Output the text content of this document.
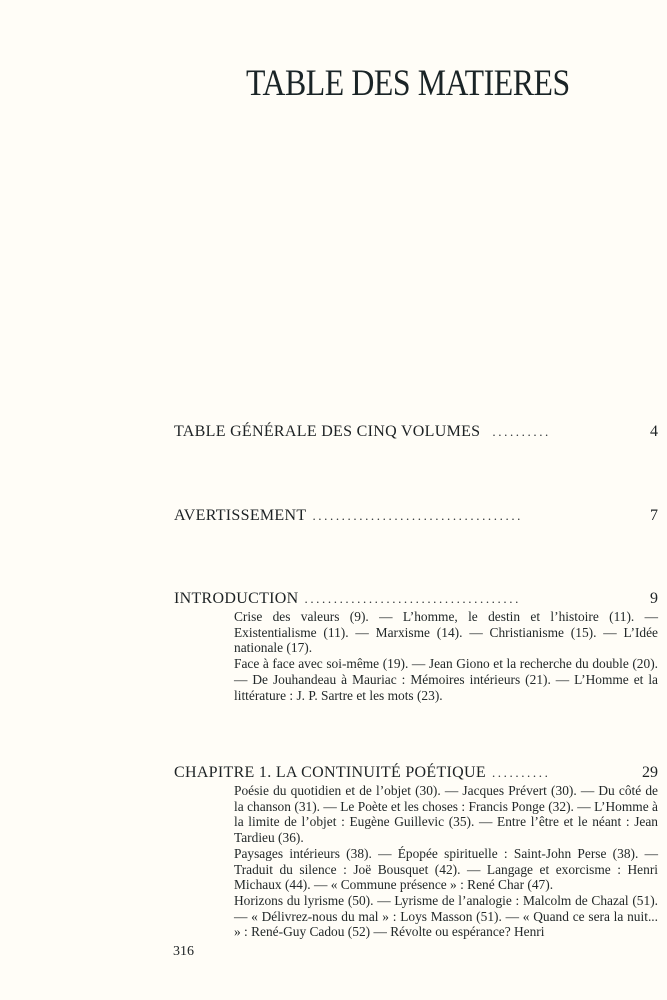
TABLE DES MATIERES
TABLE GÉNÉRALE DES CINQ VOLUMES ..........	4
AVERTISSEMENT ....................................	7
INTRODUCTION .....................................	9

Crise des valeurs (9). — L’homme, le destin et l’histoire (11). — Existentialisme (11). — Marxisme (14). — Christianisme (15). — L’Idée nationale (17).

Face à face avec soi-même (19). — Jean Giono et la recherche du double (20). — De Jouhandeau à Mauriac : Mémoires intérieurs (21). — L’Homme et la littérature : J. P. Sartre et les mots (23).

CHAPITRE 1. LA CONTINUITÉ POÉTIQUE ..........	29

Poésie du quotidien et de l’objet (30). — Jacques Prévert (30). — Du côté de la chanson (31). — Le Poète et les choses : Francis Ponge (32). — L’Homme à la limite de l’objet : Eugène Guillevic (35). — Entre l’être et le néant : Jean Tardieu (36).

Paysages intérieurs (38). — Épopée spirituelle : Saint-John Perse (38). — Traduit du silence : Joë Bousquet (42). — Langage et exorcisme : Henri Michaux (44). — « Commune présence » : René Char (47).

Horizons du lyrisme (50). — Lyrisme de l’analogie : Malcolm de Chazal (51). — « Délivrez-nous du mal » : Loys Masson (51). — « Quand ce sera la nuit... » : René-Guy Cadou (52) — Révolte ou espérance? Henri

316
